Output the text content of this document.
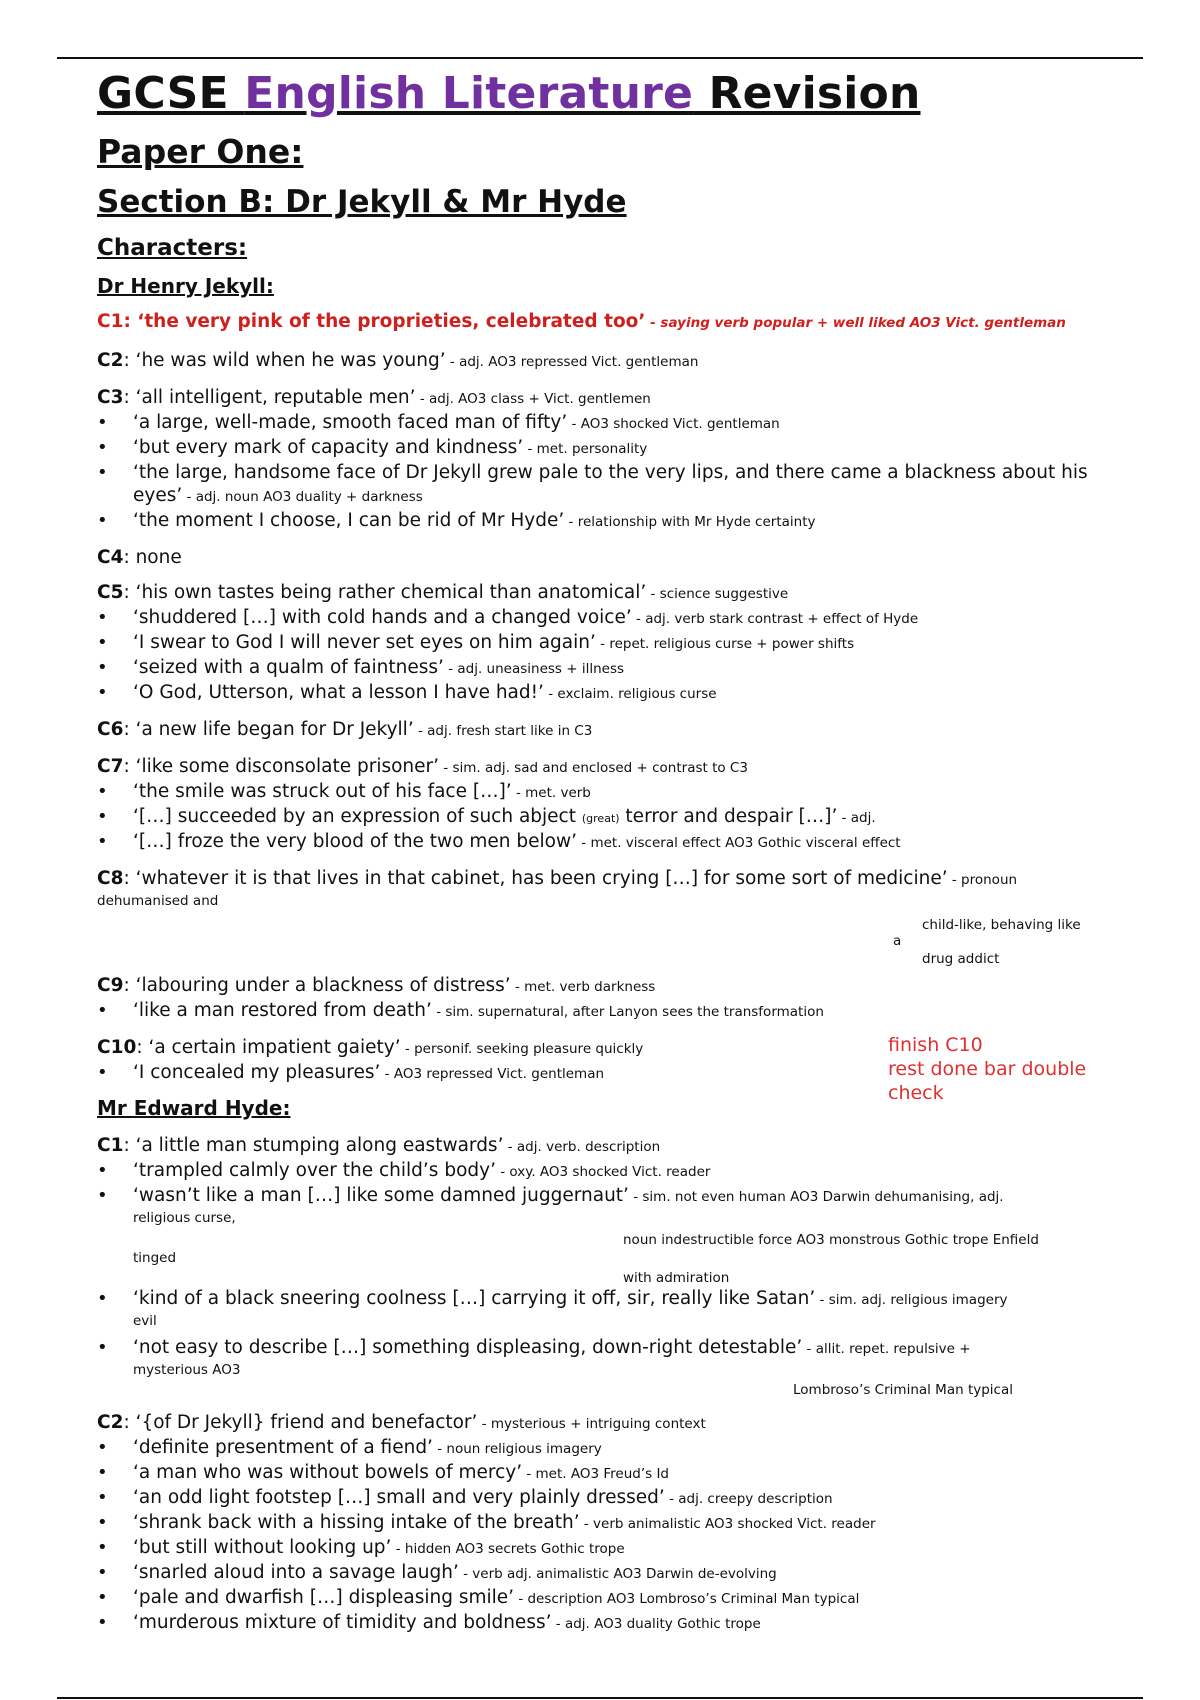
GCSE English Literature Revision
Paper One:
Section B: Dr Jekyll & Mr Hyde
Characters:
Dr Henry Jekyll:
C1: ‘the very pink of the proprieties, celebrated too’ - saying verb popular + well liked AO3 Vict. gentleman
C2: ‘he was wild when he was young’ - adj. AO3 repressed Vict. gentleman
C3: ‘all intelligent, reputable men’ - adj. AO3 class + Vict. gentlemen
• ‘a large, well-made, smooth faced man of fifty’ - AO3 shocked Vict. gentleman
• ‘but every mark of capacity and kindness’ - met. personality
• ‘the large, handsome face of Dr Jekyll grew pale to the very lips, and there came a blackness about his eyes’ - adj. noun AO3 duality + darkness
• ‘the moment I choose, I can be rid of Mr Hyde’ - relationship with Mr Hyde certainty
C4: none
C5: ‘his own tastes being rather chemical than anatomical’ - science suggestive
• ‘shuddered […] with cold hands and a changed voice’ - adj. verb stark contrast + effect of Hyde
• ‘I swear to God I will never set eyes on him again’ - repet. religious curse + power shifts
• ‘seized with a qualm of faintness’ - adj. uneasiness + illness
• ‘O God, Utterson, what a lesson I have had!’ - exclaim. religious curse
C6: ‘a new life began for Dr Jekyll’ - adj. fresh start like in C3
C7: ‘like some disconsolate prisoner’ - sim. adj. sad and enclosed + contrast to C3
• ‘the smile was struck out of his face […]’ - met. verb
• ‘[…] succeeded by an expression of such abject (great) terror and despair […]’ - adj.
• ‘[…] froze the very blood of the two men below’ - met. visceral effect AO3 Gothic visceral effect
C8: ‘whatever it is that lives in that cabinet, has been crying […] for some sort of medicine’ - pronoun
dehumanised and
child-like, behaving like
a
drug addict
C9: ‘labouring under a blackness of distress’ - met. verb darkness
• ‘like a man restored from death’ - sim. supernatural, after Lanyon sees the transformation
C10: ‘a certain impatient gaiety’ - personif. seeking pleasure quickly
• ‘I concealed my pleasures’ - AO3 repressed Vict. gentleman
Mr Edward Hyde:
C1: ‘a little man stumping along eastwards’ - adj. verb. description
• ‘trampled calmly over the child’s body’ - oxy. AO3 shocked Vict. reader
• ‘wasn’t like a man […] like some damned juggernaut’ - sim. not even human AO3 Darwin dehumanising, adj.
religious curse,
noun indestructible force AO3 monstrous Gothic trope Enfield
tinged
with admiration
• ‘kind of a black sneering coolness […] carrying it off, sir, really like Satan’ - sim. adj. religious imagery
evil
• ‘not easy to describe […] something displeasing, down-right detestable’ - allit. repet. repulsive +
mysterious AO3
Lombroso’s Criminal Man typical
C2: ‘{of Dr Jekyll} friend and benefactor’ - mysterious + intriguing context
• ‘definite presentment of a fiend’ - noun religious imagery
• ‘a man who was without bowels of mercy’ - met. AO3 Freud’s Id
• ‘an odd light footstep […] small and very plainly dressed’ - adj. creepy description
• ‘shrank back with a hissing intake of the breath’ - verb animalistic AO3 shocked Vict. reader
• ‘but still without looking up’ - hidden AO3 secrets Gothic trope
• ‘snarled aloud into a savage laugh’ - verb adj. animalistic AO3 Darwin de-evolving
• ‘pale and dwarfish […] displeasing smile’ - description AO3 Lombroso’s Criminal Man typical
• ‘murderous mixture of timidity and boldness’ - adj. AO3 duality Gothic trope
finish C10
rest done bar double
check
